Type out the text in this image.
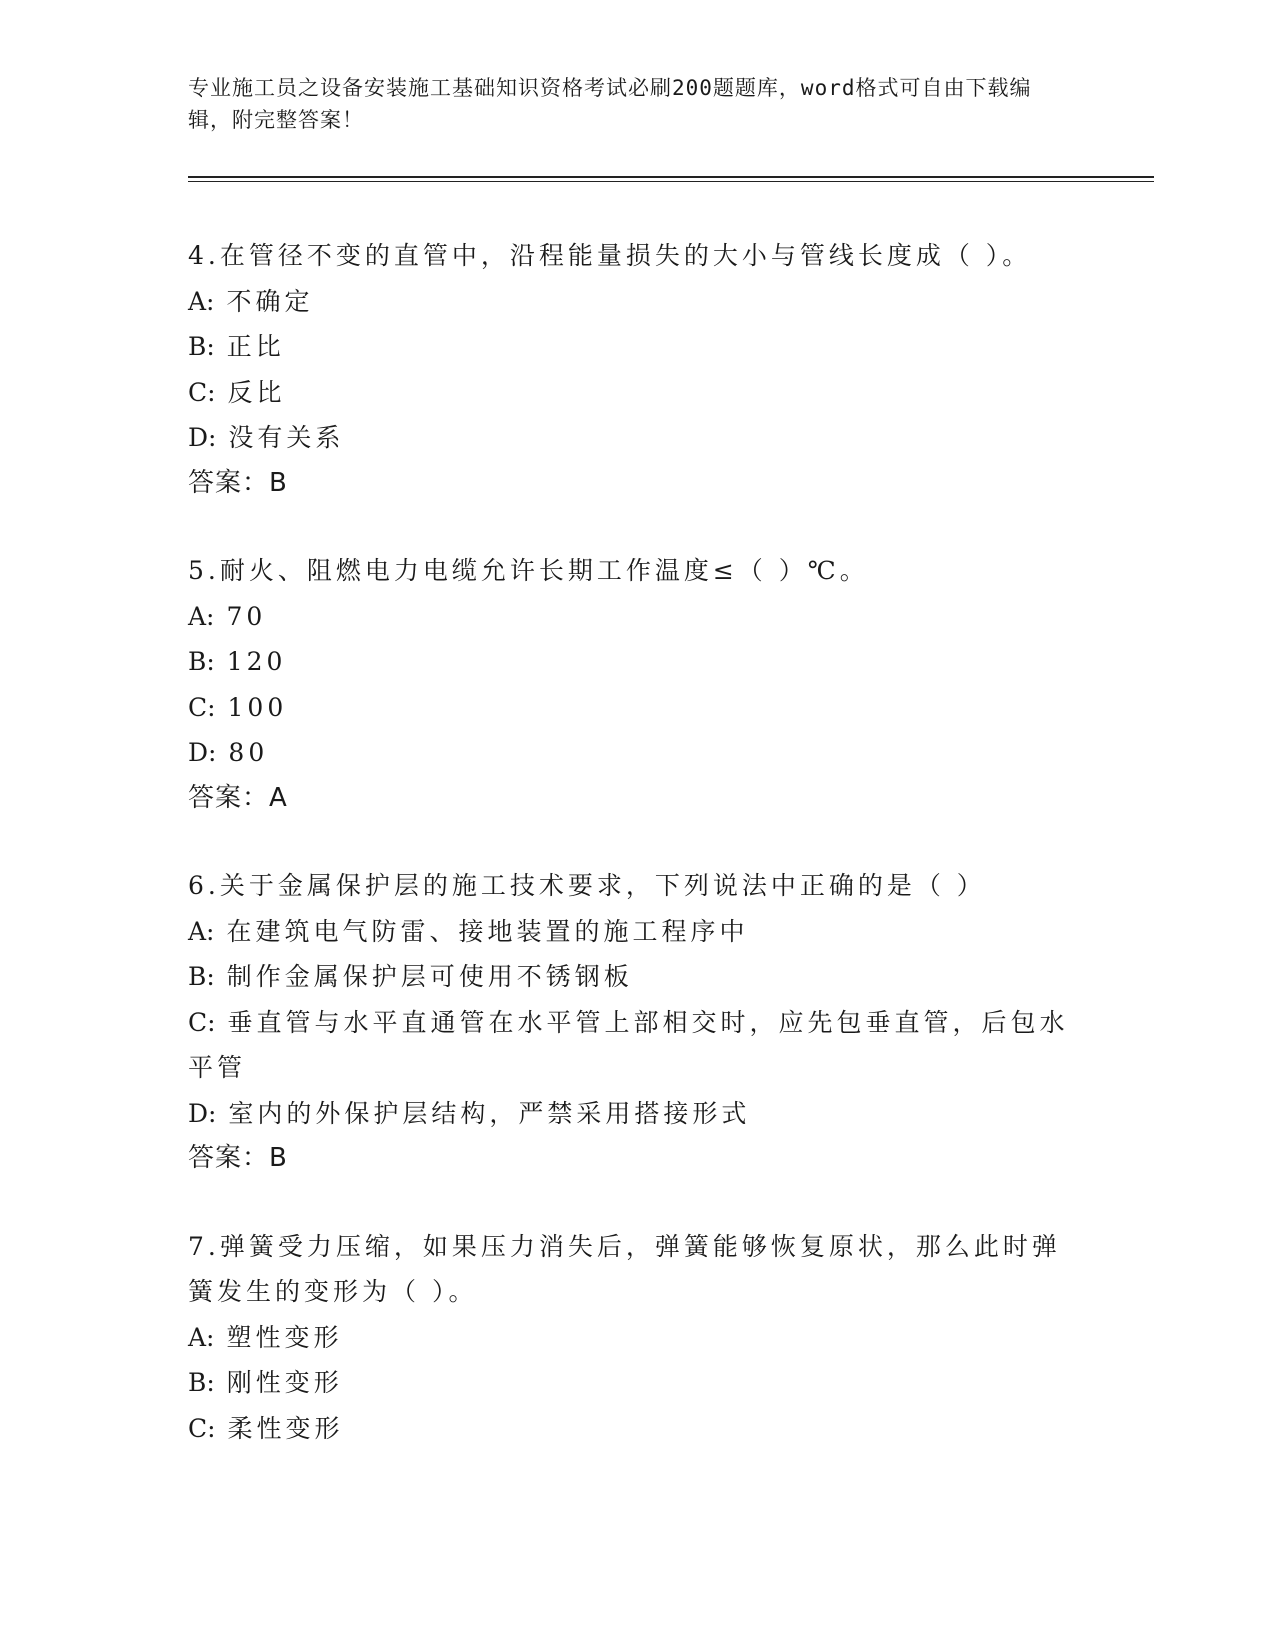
专业施工员之设备安装施工基础知识资格考试必刷200题题库，word格式可自由下载编辑，附完整答案！

4.在管径不变的直管中，沿程能量损失的大小与管线长度成（ ）。

A: 不确定

B: 正比

C: 反比

D: 没有关系

答案：B

5.耐火、阻燃电力电缆允许长期工作温度≤（ ）℃。

A: 70

B: 120

C: 100

D: 80

答案：A

6.关于金属保护层的施工技术要求，下列说法中正确的是（ ）

A: 在建筑电气防雷、接地装置的施工程序中

B: 制作金属保护层可使用不锈钢板

C: 垂直管与水平直通管在水平管上部相交时，应先包垂直管，后包水平管

D: 室内的外保护层结构，严禁采用搭接形式

答案：B

7.弹簧受力压缩，如果压力消失后，弹簧能够恢复原状，那么此时弹簧发生的变形为（ ）。

A: 塑性变形

B: 刚性变形

C: 柔性变形
